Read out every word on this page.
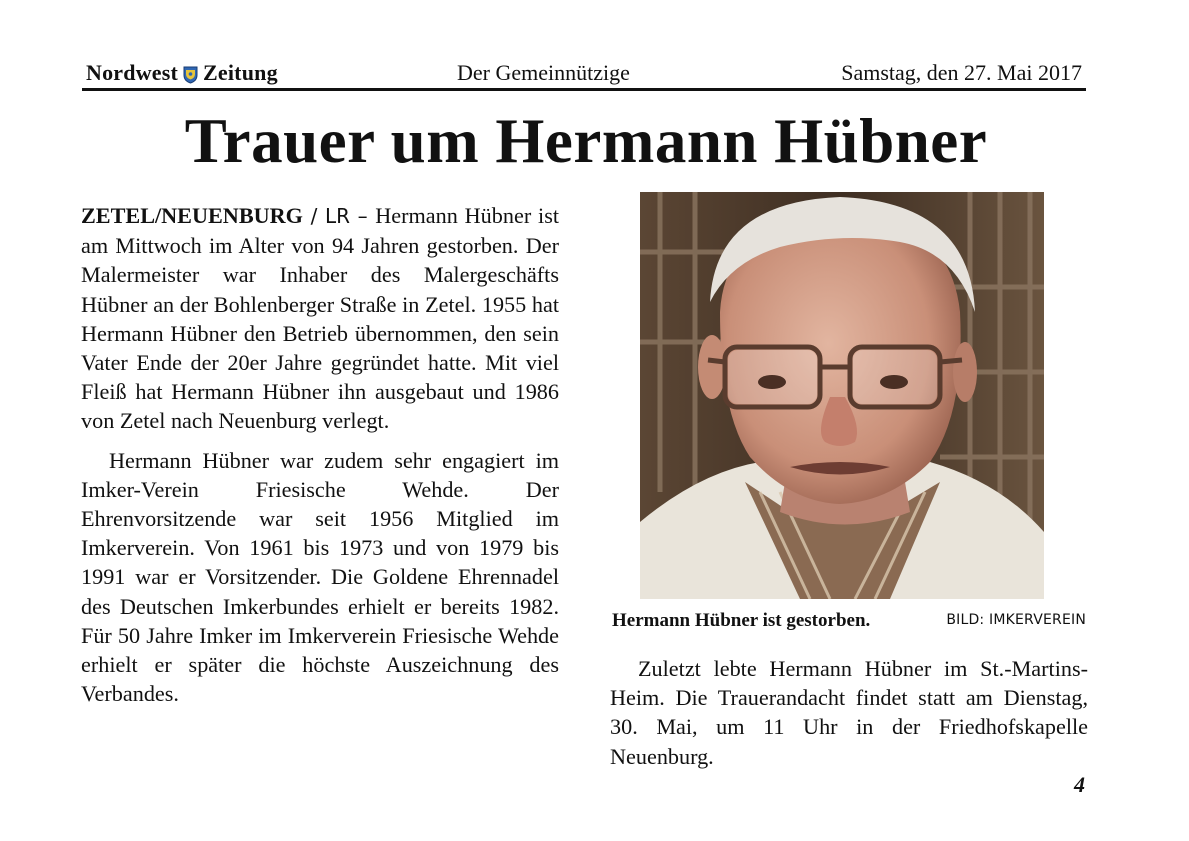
Nordwest Zeitung	Der Gemeinnützige	Samstag, den 27. Mai 2017
Trauer um Hermann Hübner

ZETEL/NEUENBURG / LR – Hermann Hübner ist am Mittwoch im Alter von 94 Jahren gestorben. Der Malermeister war Inhaber des Malergeschäfts Hübner an der Bohlenberger Straße in Zetel. 1955 hat Hermann Hübner den Betrieb übernommen, den sein Vater Ende der 20er Jahre gegründet hatte. Mit viel Fleiß hat Hermann Hübner ihn ausgebaut und 1986 von Zetel nach Neuenburg verlegt.

Hermann Hübner war zudem sehr engagiert im Imker-Verein Friesische Wehde. Der Ehrenvorsitzende war seit 1956 Mitglied im Imkerverein. Von 1961 bis 1973 und von 1979 bis 1991 war er Vorsitzender. Die Goldene Ehrennadel des Deutschen Imkerbundes erhielt er bereits 1982. Für 50 Jahre Imker im Imkerverein Friesische Wehde erhielt er später die höchste Auszeichnung des Verbandes.

Hermann Hübner ist gestorben.	BILD: IMKERVEREIN

Zuletzt lebte Hermann Hübner im St.-Martins-Heim. Die Trauerandacht findet statt am Dienstag, 30. Mai, um 11 Uhr in der Friedhofskapelle Neuenburg.

4
